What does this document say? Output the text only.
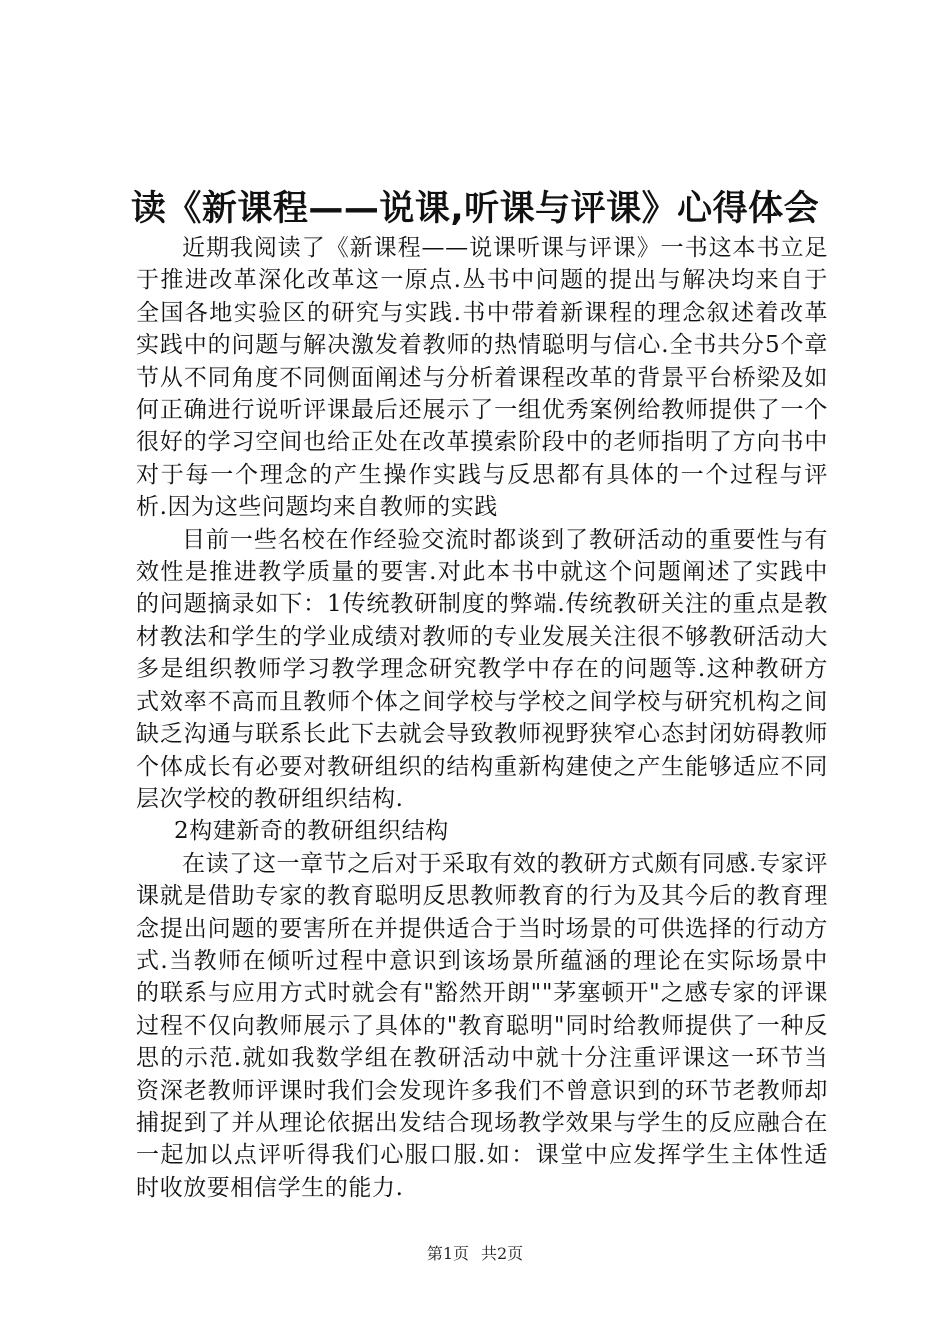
读《新课程——说课,听课与评课》心得体会

近期我阅读了《新课程——说课听课与评课》一书这本书立足于推进改革深化改革这一原点.丛书中问题的提出与解决均来自于全国各地实验区的研究与实践.书中带着新课程的理念叙述着改革实践中的问题与解决激发着教师的热情聪明与信心.全书共分5个章节从不同角度不同侧面阐述与分析着课程改革的背景平台桥梁及如何正确进行说听评课最后还展示了一组优秀案例给教师提供了一个很好的学习空间也给正处在改革摸索阶段中的老师指明了方向书中对于每一个理念的产生操作实践与反思都有具体的一个过程与评析.因为这些问题均来自教师的实践

目前一些名校在作经验交流时都谈到了教研活动的重要性与有效性是推进教学质量的要害.对此本书中就这个问题阐述了实践中的问题摘录如下：1传统教研制度的弊端.传统教研关注的重点是教材教法和学生的学业成绩对教师的专业发展关注很不够教研活动大多是组织教师学习教学理念研究教学中存在的问题等.这种教研方式效率不高而且教师个体之间学校与学校之间学校与研究机构之间缺乏沟通与联系长此下去就会导致教师视野狭窄心态封闭妨碍教师个体成长有必要对教研组织的结构重新构建使之产生能够适应不同层次学校的教研组织结构.

2构建新奇的教研组织结构

在读了这一章节之后对于采取有效的教研方式颇有同感.专家评课就是借助专家的教育聪明反思教师教育的行为及其今后的教育理念提出问题的要害所在并提供适合于当时场景的可供选择的行动方式.当教师在倾听过程中意识到该场景所蕴涵的理论在实际场景中的联系与应用方式时就会有"豁然开朗""茅塞顿开"之感专家的评课过程不仅向教师展示了具体的"教育聪明"同时给教师提供了一种反思的示范.就如我数学组在教研活动中就十分注重评课这一环节当资深老教师评课时我们会发现许多我们不曾意识到的环节老教师却捕捉到了并从理论依据出发结合现场教学效果与学生的反应融合在一起加以点评听得我们心服口服.如：课堂中应发挥学生主体性适时收放要相信学生的能力.

第1页 共2页
